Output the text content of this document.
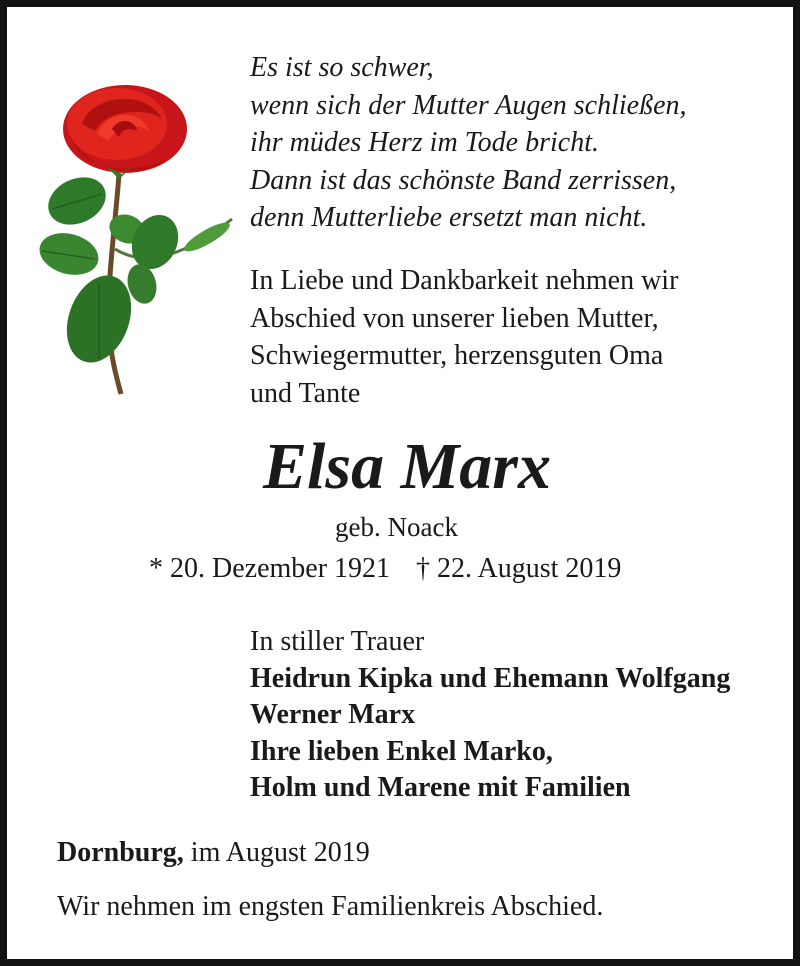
Es ist so schwer,
wenn sich der Mutter Augen schließen,
ihr müdes Herz im Tode bricht.
Dann ist das schönste Band zerrissen,
denn Mutterliebe ersetzt man nicht.
In Liebe und Dankbarkeit nehmen wir
Abschied von unserer lieben Mutter,
Schwiegermutter, herzensguten Oma
und Tante
Elsa Marx
geb. Noack
* 20. Dezember 1921 † 22. August 2019
In stiller Trauer
Heidrun Kipka und Ehemann Wolfgang
Werner Marx
Ihre lieben Enkel Marko,
Holm und Marene mit Familien
Dornburg, im August 2019
Wir nehmen im engsten Familienkreis Abschied.
